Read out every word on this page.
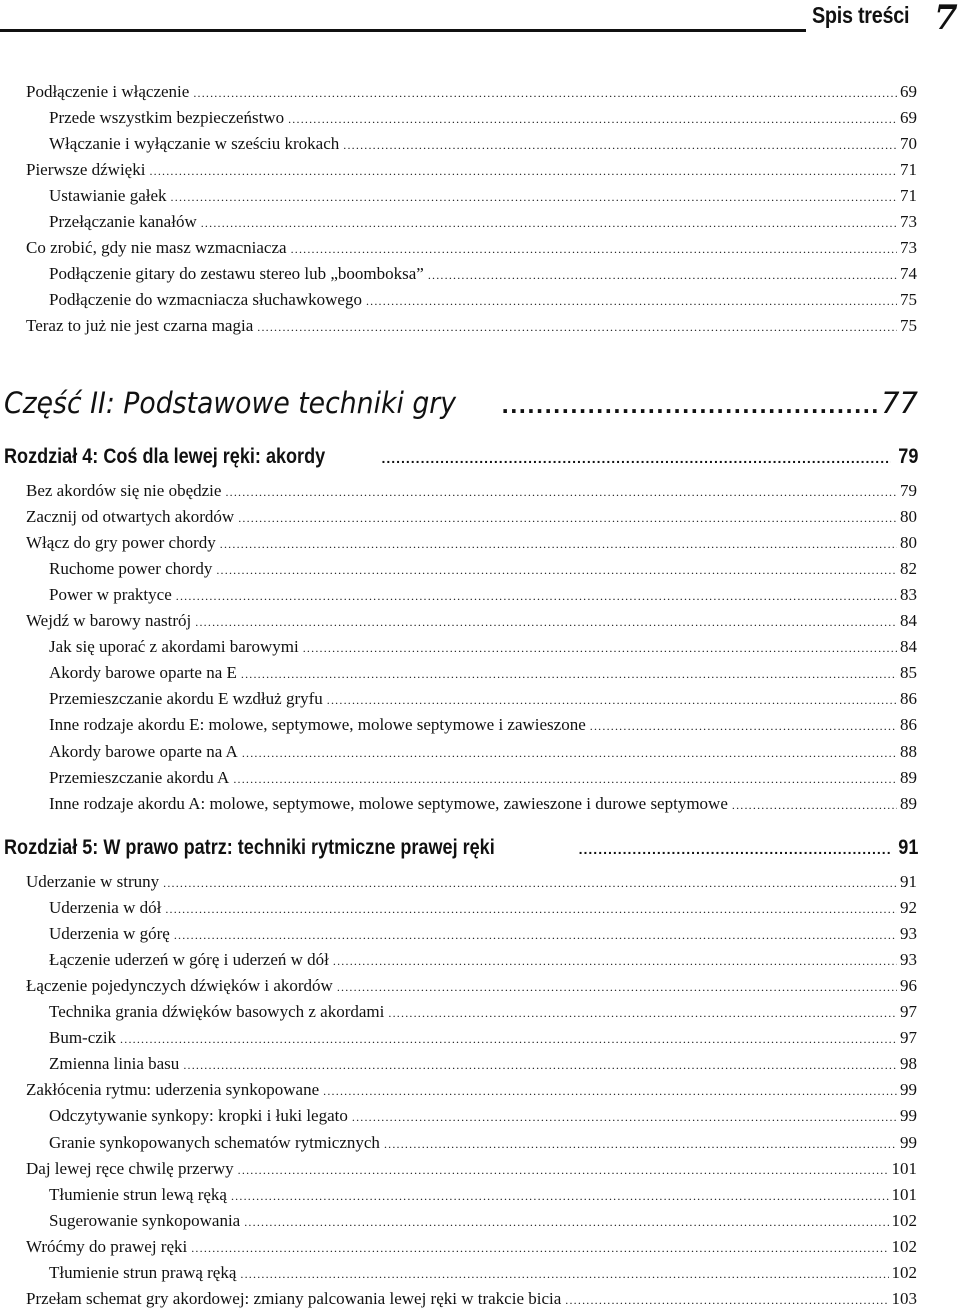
Spis treści 7
Podłączenie i włączenie .....	69
Przede wszystkim bezpieczeństwo .....	69
Włączanie i wyłączanie w sześciu krokach .....	70
Pierwsze dźwięki .....	71
Ustawianie gałek .....	71
Przełączanie kanałów .....	73
Co zrobić, gdy nie masz wzmacniacza .....	73
Podłączenie gitary do zestawu stereo lub „boomboksa” .....	74
Podłączenie do wzmacniacza słuchawkowego .....	75
Teraz to już nie jest czarna magia .....	75
Część II: Podstawowe techniki gry .....	77
Rozdział 4: Coś dla lewej ręki: akordy .....	79
Bez akordów się nie obędzie .....	79
Zacznij od otwartych akordów .....	80
Włącz do gry power chordy .....	80
Ruchome power chordy .....	82
Power w praktyce .....	83
Wejdź w barowy nastrój .....	84
Jak się uporać z akordami barowymi .....	84
Akordy barowe oparte na E .....	85
Przemieszczanie akordu E wzdłuż gryfu .....	86
Inne rodzaje akordu E: molowe, septymowe, molowe septymowe i zawieszone .....	86
Akordy barowe oparte na A .....	88
Przemieszczanie akordu A .....	89
Inne rodzaje akordu A: molowe, septymowe, molowe septymowe, zawieszone i durowe septymowe .....	89
Rozdział 5: W prawo patrz: techniki rytmiczne prawej ręki .....	91
Uderzanie w struny .....	91
Uderzenia w dół .....	92
Uderzenia w górę .....	93
Łączenie uderzeń w górę i uderzeń w dół .....	93
Łączenie pojedynczych dźwięków i akordów .....	96
Technika grania dźwięków basowych z akordami .....	97
Bum-czik .....	97
Zmienna linia basu .....	98
Zakłócenia rytmu: uderzenia synkopowane .....	99
Odczytywanie synkopy: kropki i łuki legato .....	99
Granie synkopowanych schematów rytmicznych .....	99
Daj lewej ręce chwilę przerwy .....	101
Tłumienie strun lewą ręką .....	101
Sugerowanie synkopowania .....	102
Wróćmy do prawej ręki .....	102
Tłumienie strun prawą ręką .....	102
Przełam schemat gry akordowej: zmiany palcowania lewej ręki w trakcie bicia .....	103
